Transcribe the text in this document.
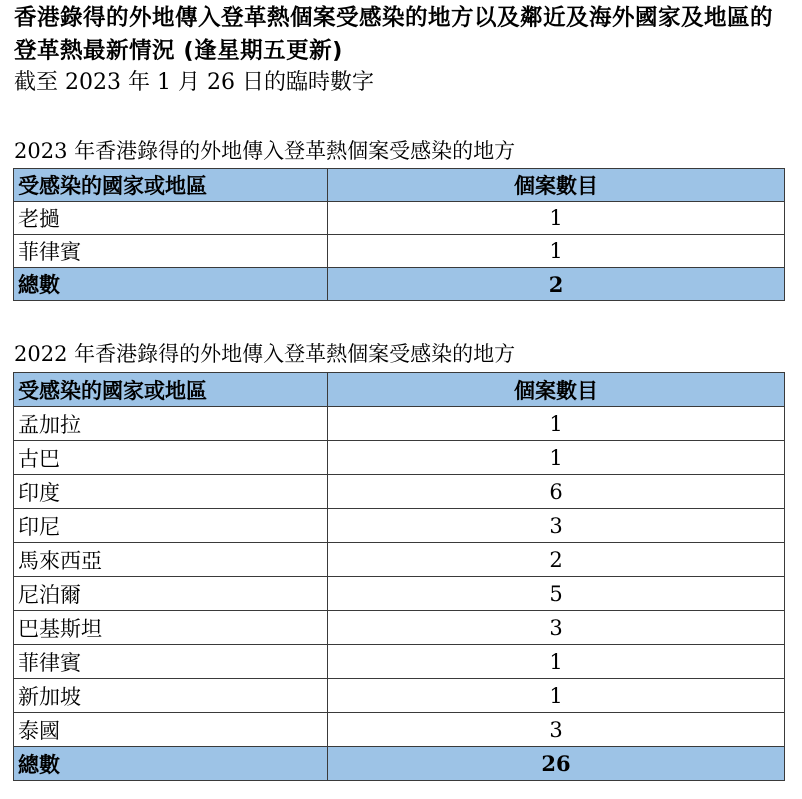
香港錄得的外地傳入登革熱個案受感染的地方以及鄰近及海外國家及地區的登革熱最新情況 (逢星期五更新)
截至 2023 年 1 月 26 日的臨時數字
2023 年香港錄得的外地傳入登革熱個案受感染的地方
受感染的國家或地區	個案數目
老撾	1
菲律賓	1
總數	2
2022 年香港錄得的外地傳入登革熱個案受感染的地方
受感染的國家或地區	個案數目
孟加拉	1
古巴	1
印度	6
印尼	3
馬來西亞	2
尼泊爾	5
巴基斯坦	3
菲律賓	1
新加坡	1
泰國	3
總數	26
